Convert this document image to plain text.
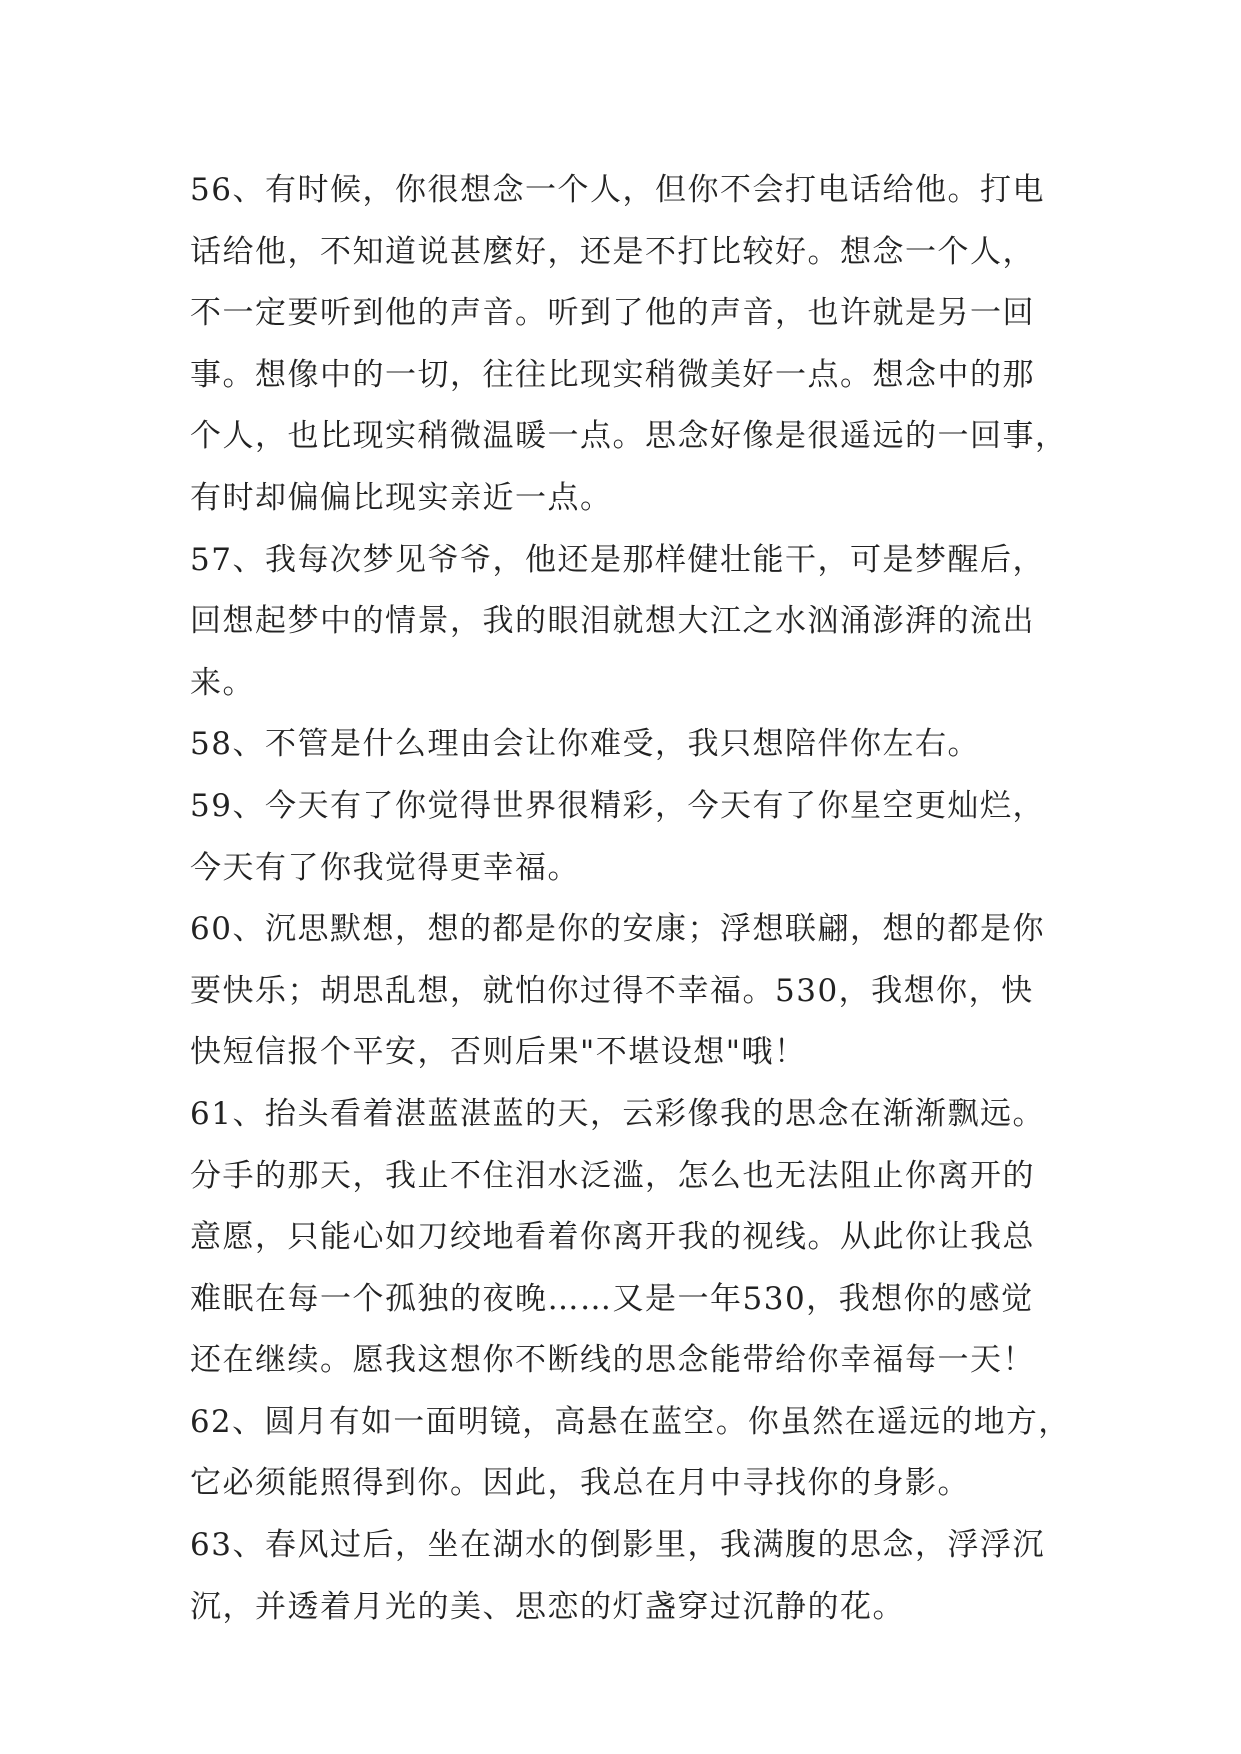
56、有时候，你很想念一个人，但你不会打电话给他。打电
话给他，不知道说甚麼好，还是不打比较好。想念一个人，
不一定要听到他的声音。听到了他的声音，也许就是另一回
事。想像中的一切，往往比现实稍微美好一点。想念中的那
个人，也比现实稍微温暖一点。思念好像是很遥远的一回事，
有时却偏偏比现实亲近一点。
57、我每次梦见爷爷，他还是那样健壮能干，可是梦醒后，
回想起梦中的情景，我的眼泪就想大江之水汹涌澎湃的流出
来。
58、不管是什么理由会让你难受，我只想陪伴你左右。
59、今天有了你觉得世界很精彩，今天有了你星空更灿烂，
今天有了你我觉得更幸福。
60、沉思默想，想的都是你的安康；浮想联翩，想的都是你
要快乐；胡思乱想，就怕你过得不幸福。530，我想你，快
快短信报个平安，否则后果"不堪设想"哦！
61、抬头看着湛蓝湛蓝的天，云彩像我的思念在渐渐飘远。
分手的那天，我止不住泪水泛滥，怎么也无法阻止你离开的
意愿，只能心如刀绞地看着你离开我的视线。从此你让我总
难眠在每一个孤独的夜晚……又是一年530，我想你的感觉
还在继续。愿我这想你不断线的思念能带给你幸福每一天！
62、圆月有如一面明镜，高悬在蓝空。你虽然在遥远的地方，
它必须能照得到你。因此，我总在月中寻找你的身影。
63、春风过后，坐在湖水的倒影里，我满腹的思念，浮浮沉
沉，并透着月光的美、思恋的灯盏穿过沉静的花。
